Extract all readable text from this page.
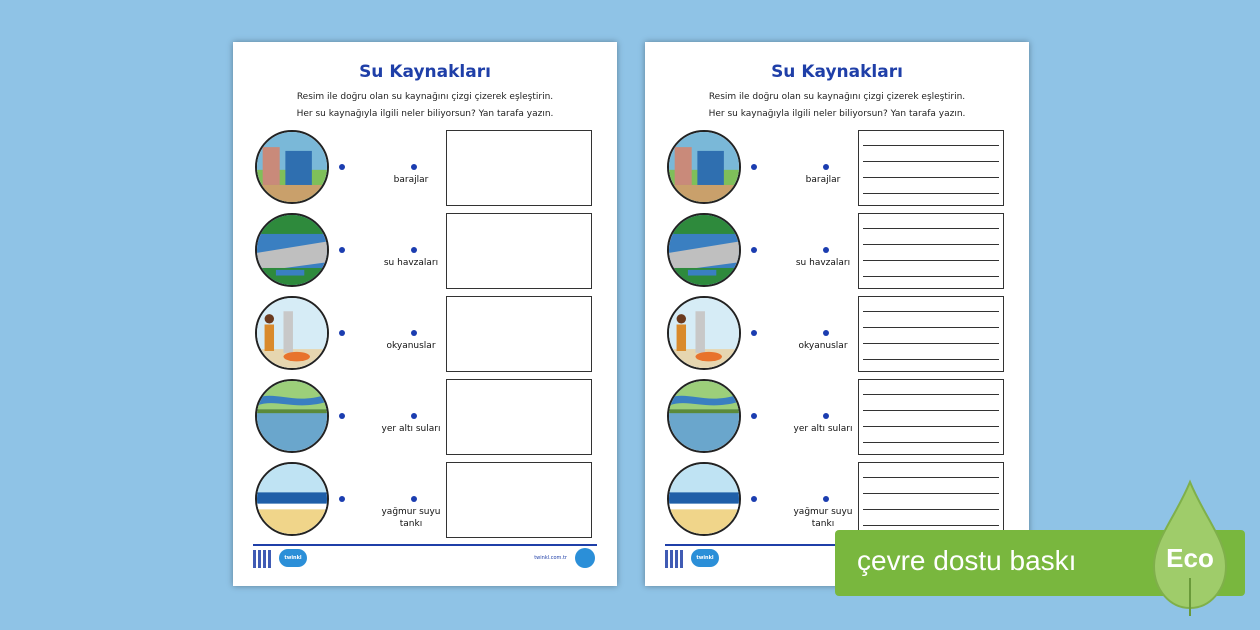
Su Kaynakları
Resim ile doğru olan su kaynağını çizgi çizerek eşleştirin.
Her su kaynağıyla ilgili neler biliyorsun? Yan tarafa yazın.
barajlar
su havzaları
okyanuslar
yer altı suları
yağmur suyu tankı
twinkl	twinkl.com.tr
Su Kaynakları
Resim ile doğru olan su kaynağını çizgi çizerek eşleştirin.
Her su kaynağıyla ilgili neler biliyorsun? Yan tarafa yazın.
barajlar
su havzaları
okyanuslar
yer altı suları
yağmur suyu tankı
twinkl	çevre dostu baskı	Eco
